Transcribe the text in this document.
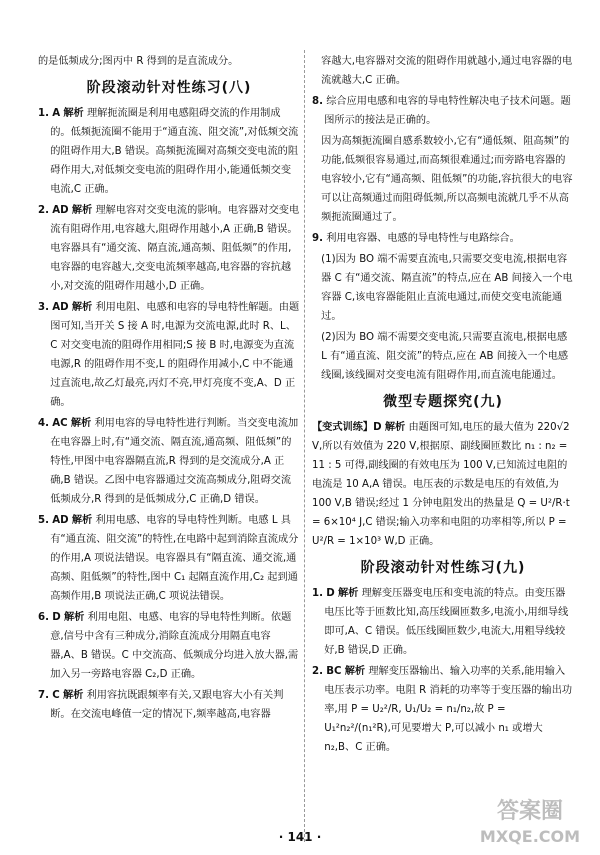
的是低频成分;图丙中 R 得到的是直流成分。

阶段滚动针对性练习(八)

1. A 解析 理解扼流圈是利用电感阻碍交流的作用制成的。低频扼流圈不能用于“通直流、阻交流”,对低频交流的阻碍作用大,B 错误。高频扼流圈对高频交变电流的阻碍作用大,对低频交变电流的阻碍作用小,能通低频交变电流,C 正确。

2. AD 解析 理解电容对交变电流的影响。电容器对交变电流有阻碍作用,电容越大,阻碍作用越小,A 正确,B 错误。电容器具有“通交流、隔直流,通高频、阻低频”的作用,电容器的电容越大,交变电流频率越高,电容器的容抗越小,对交流的阻碍作用越小,D 正确。

3. AD 解析 利用电阻、电感和电容的导电特性解题。由题图可知,当开关 S 接 A 时,电源为交流电源,此时 R、L、C 对交变电流的阻碍作用相同;S 接 B 时,电源变为直流电源,R 的阻碍作用不变,L 的阻碍作用减小,C 中不能通过直流电,故乙灯最亮,丙灯不亮,甲灯亮度不变,A、D 正确。

4. AC 解析 利用电容的导电特性进行判断。当交变电流加在电容器上时,有“通交流、隔直流,通高频、阻低频”的特性,甲图中电容器隔直流,R 得到的是交流成分,A 正确,B 错误。乙图中电容器通过交流高频成分,阻碍交流低频成分,R 得到的是低频成分,C 正确,D 错误。

5. AD 解析 利用电感、电容的导电特性判断。电感 L 具有“通直流、阻交流”的特性,在电路中起到消除直流成分的作用,A 项说法错误。电容器具有“隔直流、通交流,通高频、阻低频”的特性,图中 C₁ 起隔直流作用,C₂ 起到通高频作用,B 项说法正确,C 项说法错误。

6. D 解析 利用电阻、电感、电容的导电特性判断。依题意,信号中含有三种成分,消除直流成分用隔直电容器,A、B 错误。C 中交流高、低频成分均进入放大器,需加入另一旁路电容器 C₂,D 正确。

7. C 解析 利用容抗既跟频率有关,又跟电容大小有关判断。在交流电峰值一定的情况下,频率越高,电容器

容越大,电容器对交流的阻碍作用就越小,通过电容器的电流就越大,C 正确。

8. 综合应用电感和电容的导电特性解决电子技术问题。题图所示的接法是正确的。

因为高频扼流圈自感系数较小,它有“通低频、阻高频”的功能,低频很容易通过,而高频很难通过;而旁路电容器的电容较小,它有“通高频、阻低频”的功能,容抗很大的电容可以让高频通过而阻碍低频,所以高频电流就几乎不从高频扼流圈通过了。

9. 利用电容器、电感的导电特性与电路综合。

(1)因为 BO 端不需要直流电,只需要交变电流,根据电容器 C 有“通交流、隔直流”的特点,应在 AB 间接入一个电容器 C,该电容器能阻止直流电通过,而使交变电流能通过。

(2)因为 BO 端不需要交变电流,只需要直流电,根据电感 L 有“通直流、阻交流”的特点,应在 AB 间接入一个电感线圈,该线圈对交变电流有阻碍作用,而直流电能通过。

微型专题探究(九)

【变式训练】D 解析 由题图可知,电压的最大值为 220√2 V,所以有效值为 220 V,根据原、副线圈匝数比 n₁ : n₂ = 11 : 5 可得,副线圈的有效电压为 100 V,已知流过电阻的电流是 10 A,A 错误。电压表的示数是电压的有效值,为 100 V,B 错误;经过 1 分钟电阻发出的热量是 Q = U²/R·t = 6×10⁴ J,C 错误;输入功率和电阻的功率相等,所以 P = U²/R = 1×10³ W,D 正确。

阶段滚动针对性练习(九)

1. D 解析 理解变压器变电压和变电流的特点。由变压器电压比等于匝数比知,高压线圈匝数多,电流小,用细导线即可,A、C 错误。低压线圈匝数少,电流大,用粗导线较好,B 错误,D 正确。

2. BC 解析 理解变压器输出、输入功率的关系,能用输入电压表示功率。电阻 R 消耗的功率等于变压器的输出功率,用 P = U₂²/R, U₁/U₂ = n₁/n₂,故 P = U₁²n₂²/(n₁²R),可见要增大 P,可以减小 n₁ 或增大 n₂,B、C 正确。

· 141 ·
答案圈
MXQE.COM
